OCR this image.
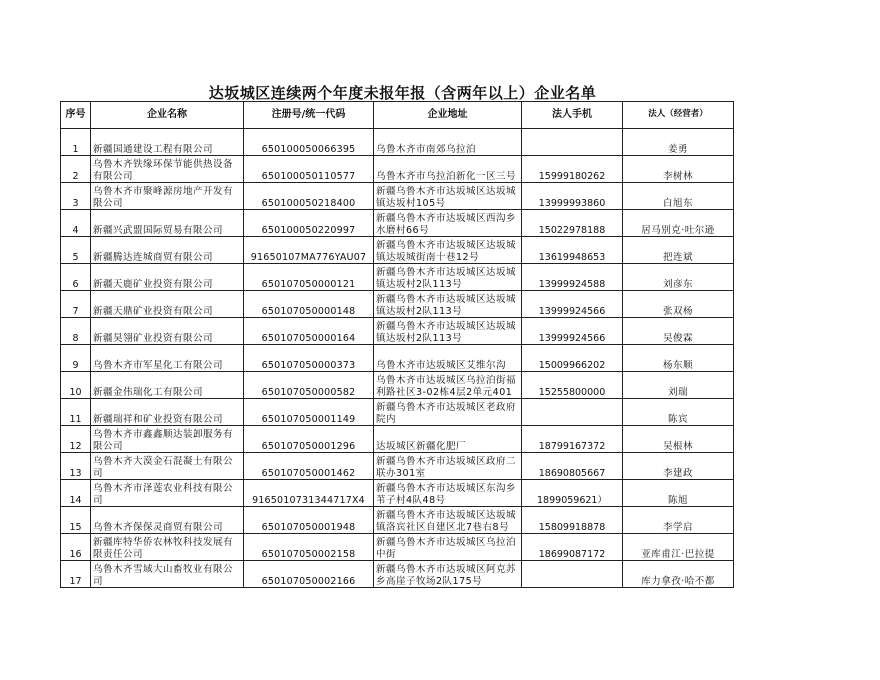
达坂城区连续两个年度未报年报（含两年以上）企业名单
序号	企业名称	注册号/统一代码	企业地址	法人手机	法人（经营者）
1	新疆国通建设工程有限公司	650100050066395	乌鲁木齐市南郊乌拉泊		姜勇
2	乌鲁木齐铁缘环保节能供热设备有限公司	650100050110577	乌鲁木齐市乌拉泊新化一区三号	15999180262	李树林
3	乌鲁木齐市聚峰源房地产开发有限公司	650100050218400	新疆乌鲁木齐市达坂城区达坂城镇达坂村105号	13999993860	白旭东
4	新疆兴武盟国际贸易有限公司	650100050220997	新疆乌鲁木齐市达坂城区西沟乡水磨村66号	15022978188	居马别克·吐尔逊
5	新疆腾达连城商贸有限公司	91650107MA776YAU07	新疆乌鲁木齐市达坂城区达坂城镇达坂城街南十巷12号	13619948653	把连斌
6	新疆天鹿矿业投资有限公司	650107050000121	新疆乌鲁木齐市达坂城区达坂城镇达坂村2队113号	13999924588	刘彦东
7	新疆天鼎矿业投资有限公司	650107050000148	新疆乌鲁木齐市达坂城区达坂城镇达坂村2队113号	13999924566	张双杨
8	新疆昊翎矿业投资有限公司	650107050000164	新疆乌鲁木齐市达坂城区达坂城镇达坂村2队113号	13999924566	吴俊霖
9	乌鲁木齐市军星化工有限公司	650107050000373	乌鲁木齐市达坂城区艾维尔沟	15009966202	杨东顺
10	新疆金伟瑞化工有限公司	650107050000582	乌鲁木齐市达坂城区乌拉泊街福利路社区3-02栋4层2单元401	15255800000	刘瑞
11	新疆瑞祥和矿业投资有限公司	650107050001149	新疆乌鲁木齐市达坂城区老政府院内		陈宾
12	乌鲁木齐市鑫鑫顺达装卸服务有限公司	650107050001296	达坂城区新疆化肥厂	18799167372	吴根林
13	乌鲁木齐大漠金石混凝土有限公司	650107050001462	新疆乌鲁木齐市达坂城区政府二联办301室	18690805667	李建政
14	乌鲁木齐市泽莲农业科技有限公司	916501073134471​7X4	新疆乌鲁木齐市达坂城区东沟乡苇子村4队48号	1899059621）	陈旭
15	乌鲁木齐保保灵商贸有限公司	650107050001948	新疆乌鲁木齐市达坂城区达坂城镇洛宾社区自建区北7巷右8号	15809918878	李学启
16	新疆库特华侨农林牧科技发展有限责任公司	650107050002158	新疆乌鲁木齐市达坂城区乌拉泊中街	18699087172	亚库甫江·巴拉提
17	乌鲁木齐雪域大山畜牧业有限公司	650107050002166	新疆乌鲁木齐市达坂城区阿克苏乡高崖子牧场2队175号		库力拿孜·哈不都
